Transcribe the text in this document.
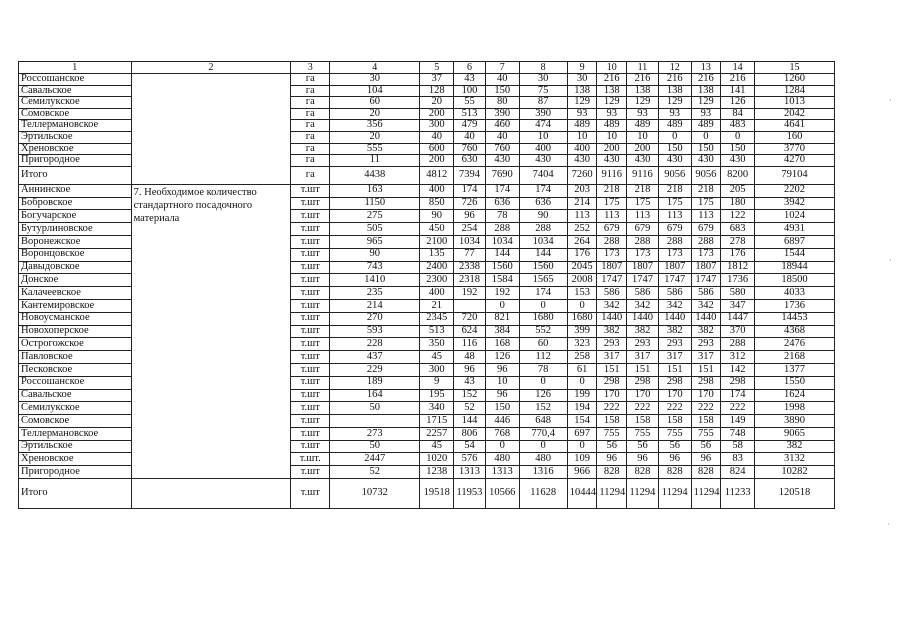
1	2	3	4	5	6	7	8	9	10	11	12	13	14	15
Россошанское		га	30	37	43	40	30	30	216	216	216	216	216	1260
Савальское		га	104	128	100	150	75	138	138	138	138	138	141	1284
Семилукское		га	60	20	55	80	87	129	129	129	129	129	126	1013
Сомовское		га	20	200	513	390	390	93	93	93	93	93	84	2042
Теллермановское		га	356	300	479	460	474	489	489	489	489	489	483	4641
Эртильское		га	20	40	40	40	10	10	10	10	0	0	0	160
Хреновское		га	555	600	760	760	400	400	200	200	150	150	150	3770
Пригородное		га	11	200	630	430	430	430	430	430	430	430	430	4270
Итого		га	4438	4812	7394	7690	7404	7260	9116	9116	9056	9056	8200	79104
Аннинское	7. Необходимое количество стандартного посадочного материала	т.шт	163	400	174	174	174	203	218	218	218	218	205	2202
Бобровское		т.шт	1150	850	726	636	636	214	175	175	175	175	180	3942
Богучарское		т.шт	275	90	96	78	90	113	113	113	113	113	122	1024
Бутурлиновское		т.шт	505	450	254	288	288	252	679	679	679	679	683	4931
Воронежское		т.шт	965	2100	1034	1034	1034	264	288	288	288	288	278	6897
Воронцовское		т.шт	90	135	77	144	144	176	173	173	173	173	176	1544
Давыдовское		т.шт	743	2400	2338	1560	1560	2045	1807	1807	1807	1807	1812	18944
Донское		т.шт	1410	2300	2318	1584	1565	2008	1747	1747	1747	1747	1736	18500
Калачеевское		т.шт	235	400	192	192	174	153	586	586	586	586	580	4033
Кантемировское		т.шт	214	21		0	0	0	342	342	342	342	347	1736
Новоусманское		т.шт	270	2345	720	821	1680	1680	1440	1440	1440	1440	1447	14453
Новохоперское		т.шт	593	513	624	384	552	399	382	382	382	382	370	4368
Острогожское		т.шт	228	350	116	168	60	323	293	293	293	293	288	2476
Павловское		т.шт	437	45	48	126	112	258	317	317	317	317	312	2168
Песковское		т.шт	229	300	96	96	78	61	151	151	151	151	142	1377
Россошанское		т.шт	189	9	43	10	0	0	298	298	298	298	298	1550
Савальское		т.шт	164	195	152	96	126	199	170	170	170	170	174	1624
Семилукское		т.шт	50	340	52	150	152	194	222	222	222	222	222	1998
Сомовское		т.шт		1715	144	446	648	154	158	158	158	158	149	3890
Теллермановское		т.шт	273	2257	806	768	770,4	697	755	755	755	755	748	9065
Эртильское		т.шт	50	45	54	0	0	0	56	56	56	56	58	382
Хреновское		т.шт.	2447	1020	576	480	480	109	96	96	96	96	83	3132
Пригородное		т.шт	52	1238	1313	1313	1316	966	828	828	828	828	824	10282
Итого		т.шт	10732	19518	11953	10566	11628	10444	11294	11294	11294	11294	11233	120518
·
·
·
